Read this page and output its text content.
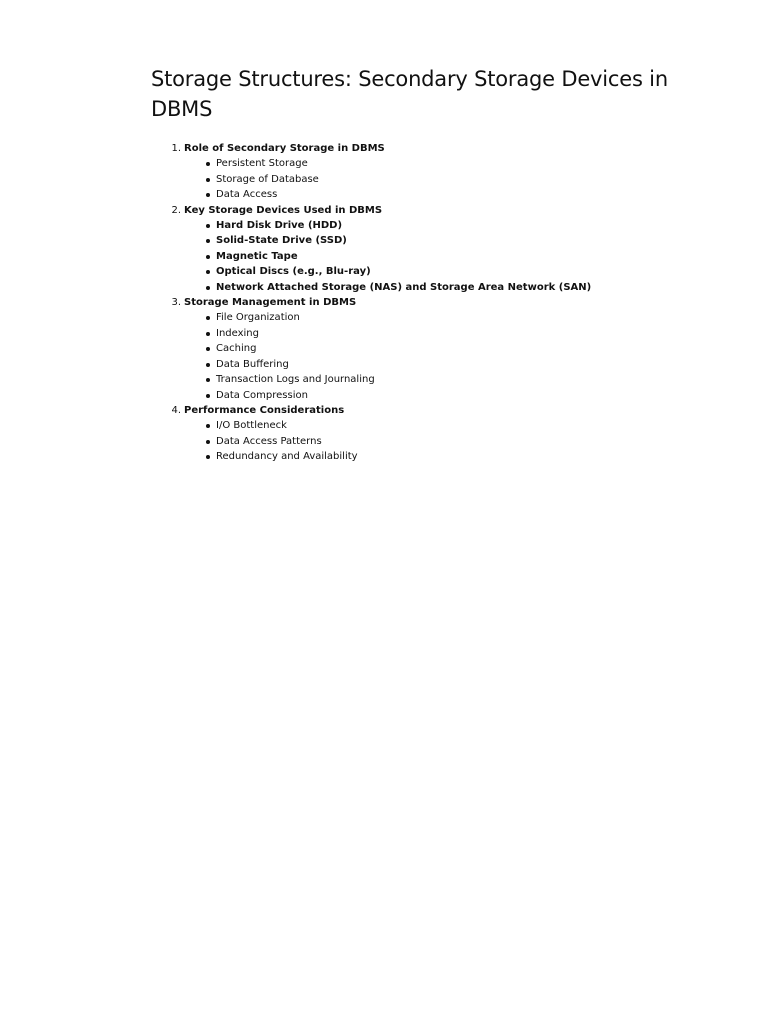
Storage Structures: Secondary Storage Devices in DBMS
1. Role of Secondary Storage in DBMS
Persistent Storage
Storage of Database
Data Access
2. Key Storage Devices Used in DBMS
Hard Disk Drive (HDD)
Solid-State Drive (SSD)
Magnetic Tape
Optical Discs (e.g., Blu-ray)
Network Attached Storage (NAS) and Storage Area Network (SAN)
3. Storage Management in DBMS
File Organization
Indexing
Caching
Data Buffering
Transaction Logs and Journaling
Data Compression
4. Performance Considerations
I/O Bottleneck
Data Access Patterns
Redundancy and Availability
